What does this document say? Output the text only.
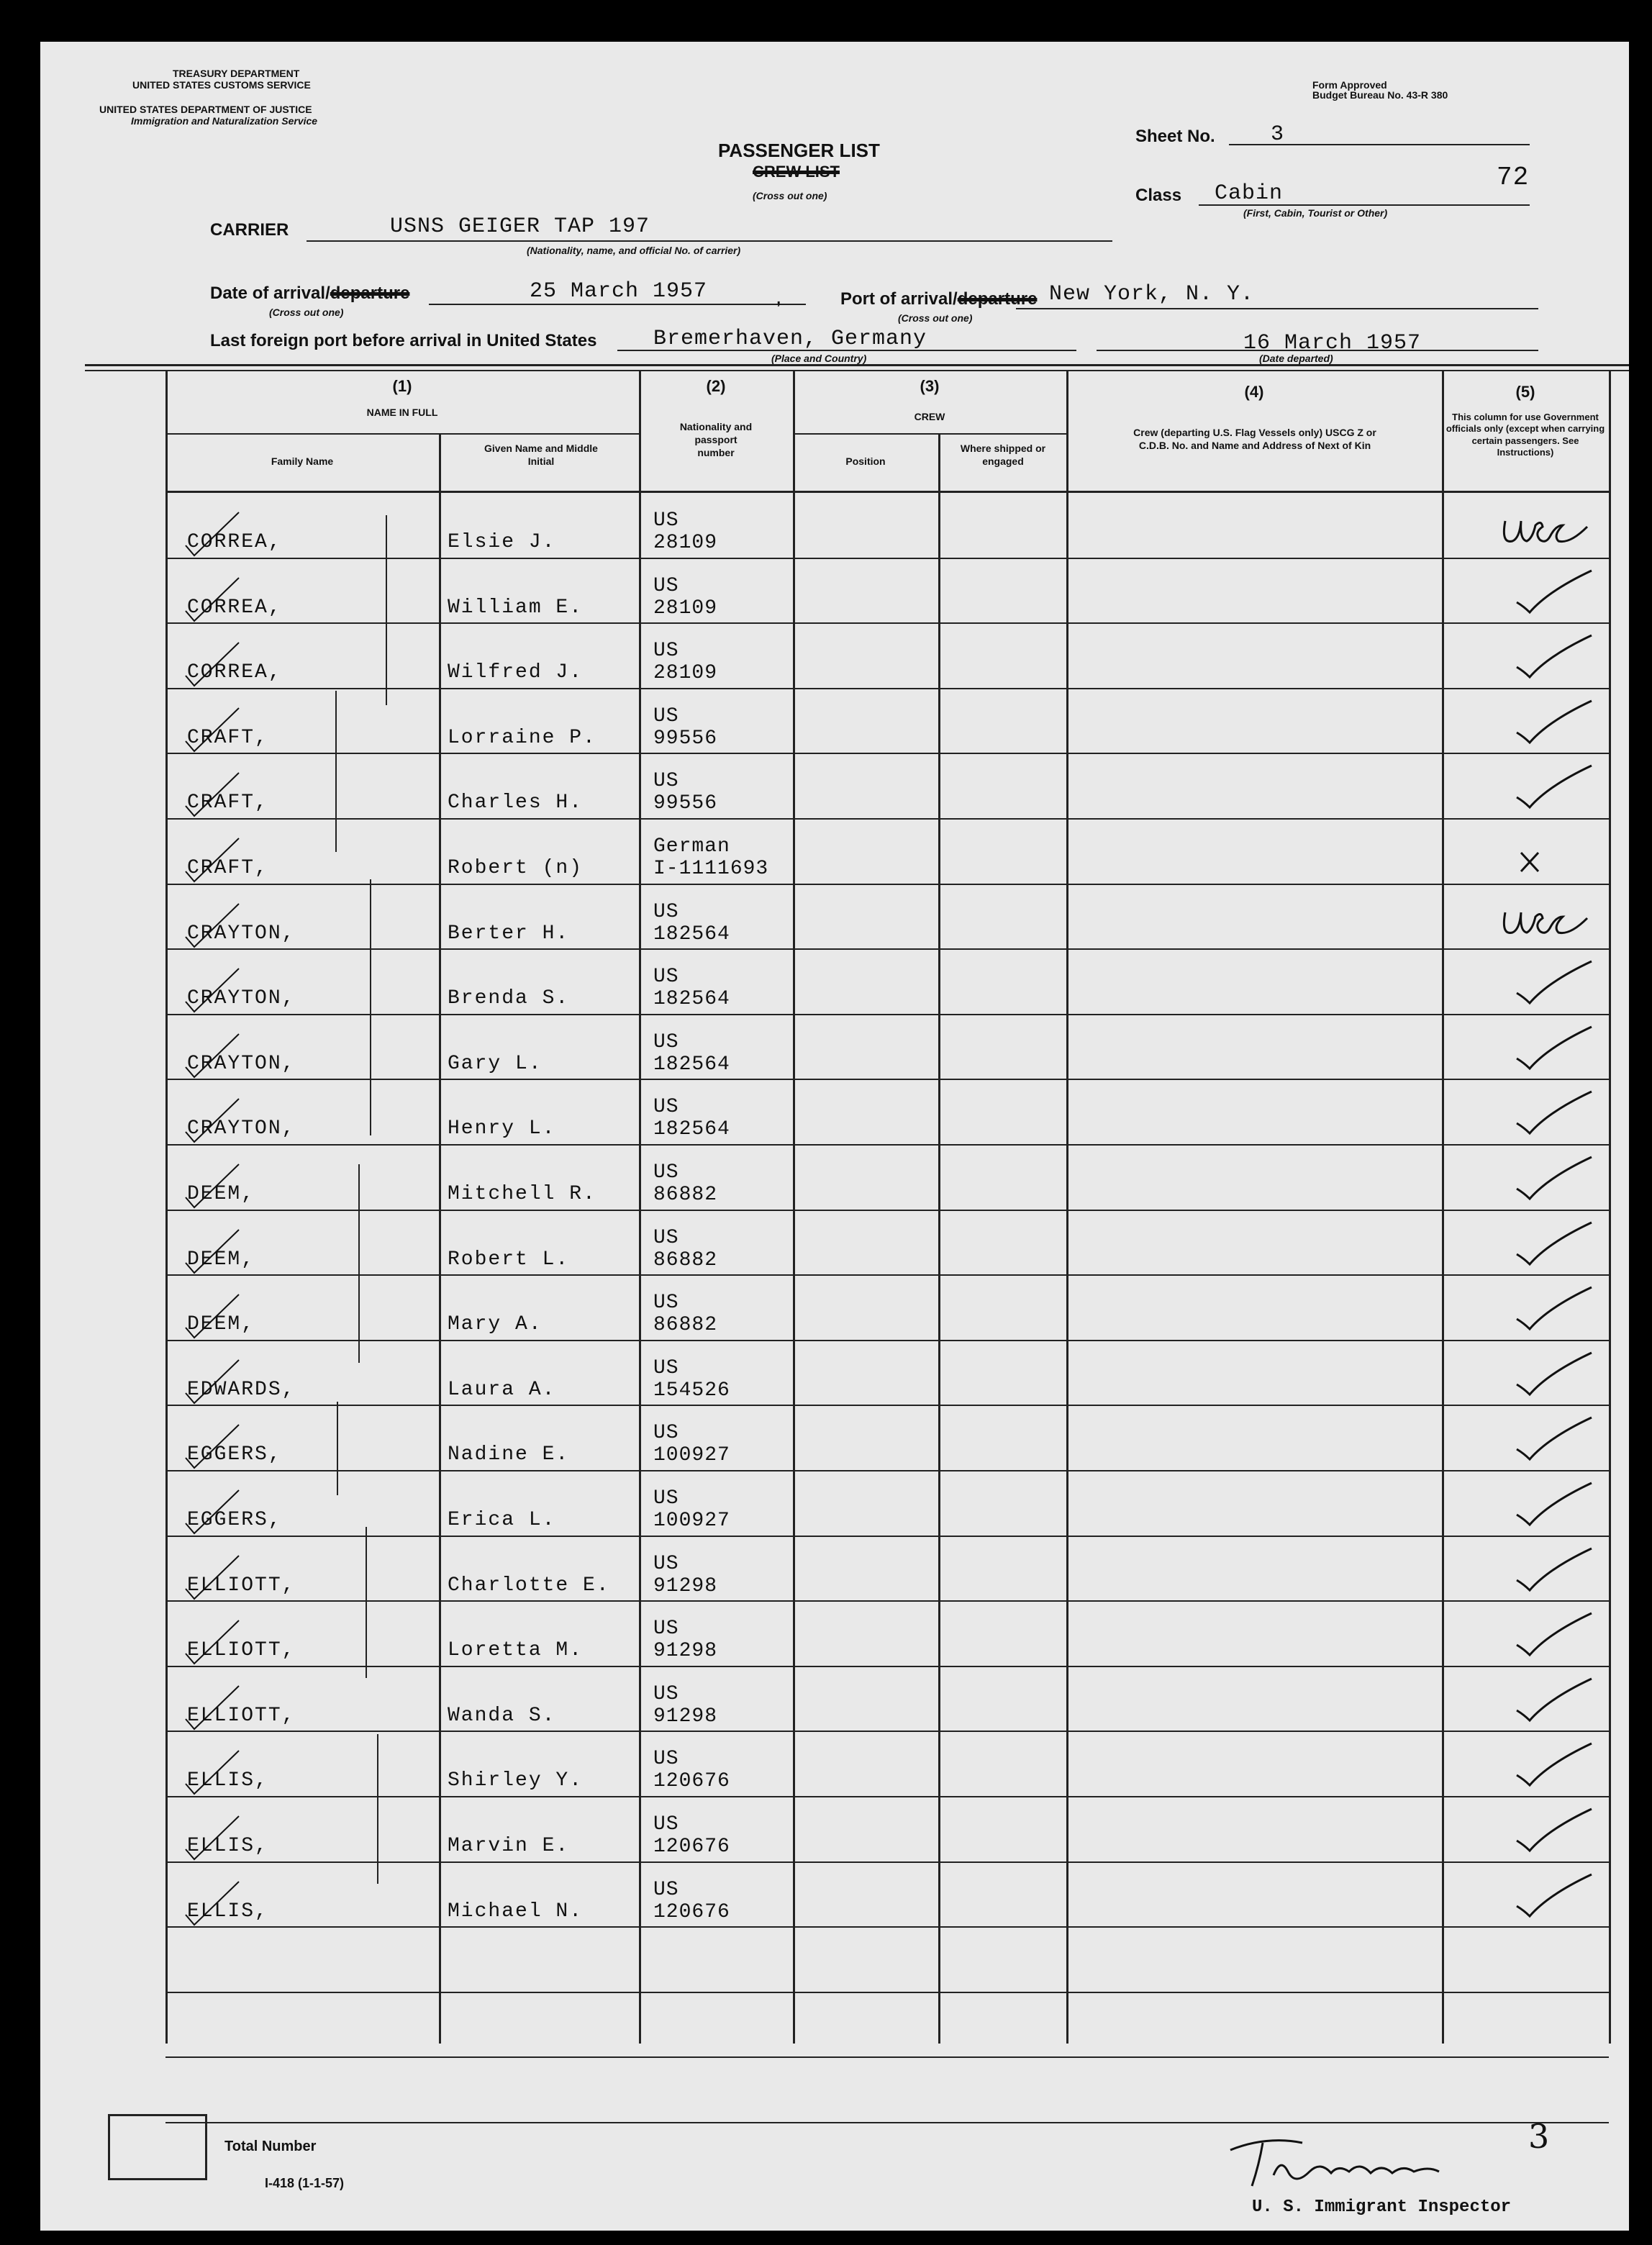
TREASURY DEPARTMENT
UNITED STATES CUSTOMS SERVICE
UNITED STATES DEPARTMENT OF JUSTICE
Immigration and Naturalization Service
Form Approved
Budget Bureau No. 43-R 380
PASSENGER LIST
CREW LIST
(Cross out one)
Sheet No.	3
72
Class Cabin
(First, Cabin, Tourist or Other)
CARRIER	USNS GEIGER TAP 197
(Nationality, name, and official No. of carrier)
Date of arrival/departure
(Cross out one)
25 March 1957	,	Port of arrival/departure
(Cross out one)
New York, N. Y.
Last foreign port before arrival in United States	Bremerhaven, Germany
(Place and Country)
16 March 1957
(Date departed)
(1)
NAME IN FULL
Family Name
Given Name and Middle Initial
(2)
Nationality and passport number
(3)
CREW
Position
Where shipped or engaged
(4)
Crew (departing U.S. Flag Vessels only) USCG Z or C.D.B. No. and Name and Address of Next of Kin
(5)
This column for use Government officials only (except when carrying certain passengers. See Instructions)
CORREA,	Elsie J.
US
28109
CORREA,	William E.
US
28109
CORREA,	Wilfred J.
US
28109
CRAFT,	Lorraine P.
US
99556
CRAFT,	Charles H.
US
99556
CRAFT,	Robert (n)
German
I-1111693
CRAYTON,	Berter H.
US
182564
CRAYTON,	Brenda S.
US
182564
CRAYTON,	Gary L.
US
182564
CRAYTON,	Henry L.
US
182564
DEEM,	Mitchell R.
US
86882
DEEM,	Robert L.
US
86882
DEEM,	Mary A.
US
86882
EDWARDS,	Laura A.
US
154526
EGGERS,	Nadine E.
US
100927
EGGERS,	Erica L.
US
100927
ELLIOTT,	Charlotte E.
US
91298
ELLIOTT,	Loretta M.
US
91298
ELLIOTT,	Wanda S.
US
91298
ELLIS,	Shirley Y.
US
120676
ELLIS,	Marvin E.
US
120676
ELLIS,	Michael N.
US
120676
Total Number
I-418 (1-1-57)
3
U. S. Immigrant Inspector
